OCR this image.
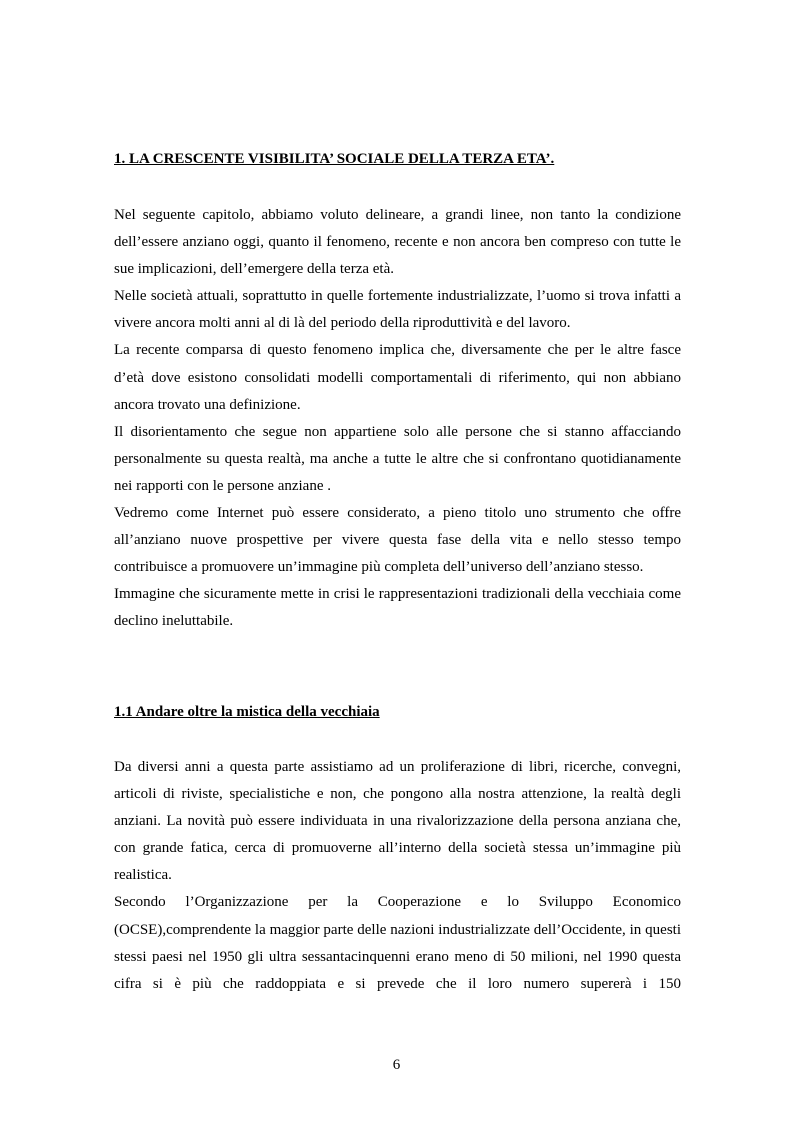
1. LA CRESCENTE VISIBILITA’ SOCIALE DELLA TERZA ETA’.

Nel seguente capitolo, abbiamo voluto delineare, a grandi linee, non tanto la condizione dell’essere anziano oggi, quanto il fenomeno, recente e non ancora ben compreso con tutte le sue implicazioni, dell’emergere della terza età.

Nelle società attuali, soprattutto in quelle fortemente industrializzate, l’uomo si trova infatti a vivere ancora molti anni al di là del periodo della riproduttività e del lavoro.

La recente comparsa di questo fenomeno implica che, diversamente che per le altre fasce d’età dove esistono consolidati modelli comportamentali di riferimento, qui non abbiano ancora trovato una definizione.

Il disorientamento che segue non appartiene solo alle persone che si stanno affacciando personalmente su questa realtà, ma anche a tutte le altre che si confrontano quotidianamente nei rapporti con le persone anziane .

Vedremo come Internet può essere considerato, a pieno titolo uno strumento che offre all’anziano nuove prospettive per vivere questa fase della vita e nello stesso tempo contribuisce a promuovere un’immagine più completa dell’universo dell’anziano stesso.

Immagine che sicuramente mette in crisi le rappresentazioni tradizionali della vecchiaia come declino ineluttabile.

1.1 Andare oltre la mistica della vecchiaia

Da diversi anni a questa parte assistiamo ad un proliferazione di libri, ricerche, convegni, articoli di riviste, specialistiche e non, che pongono alla nostra attenzione, la realtà degli anziani. La novità può essere individuata in una rivalorizzazione della persona anziana che, con grande fatica, cerca di promuoverne all’interno della società stessa un’immagine più realistica.

Secondo l’Organizzazione per la Cooperazione e lo Sviluppo Economico (OCSE),comprendente la maggior parte delle nazioni industrializzate dell’Occidente, in questi stessi paesi nel 1950 gli ultra sessantacinquenni erano meno di 50 milioni, nel 1990 questa cifra si è più che raddoppiata e si prevede che il loro numero supererà i 150

6
